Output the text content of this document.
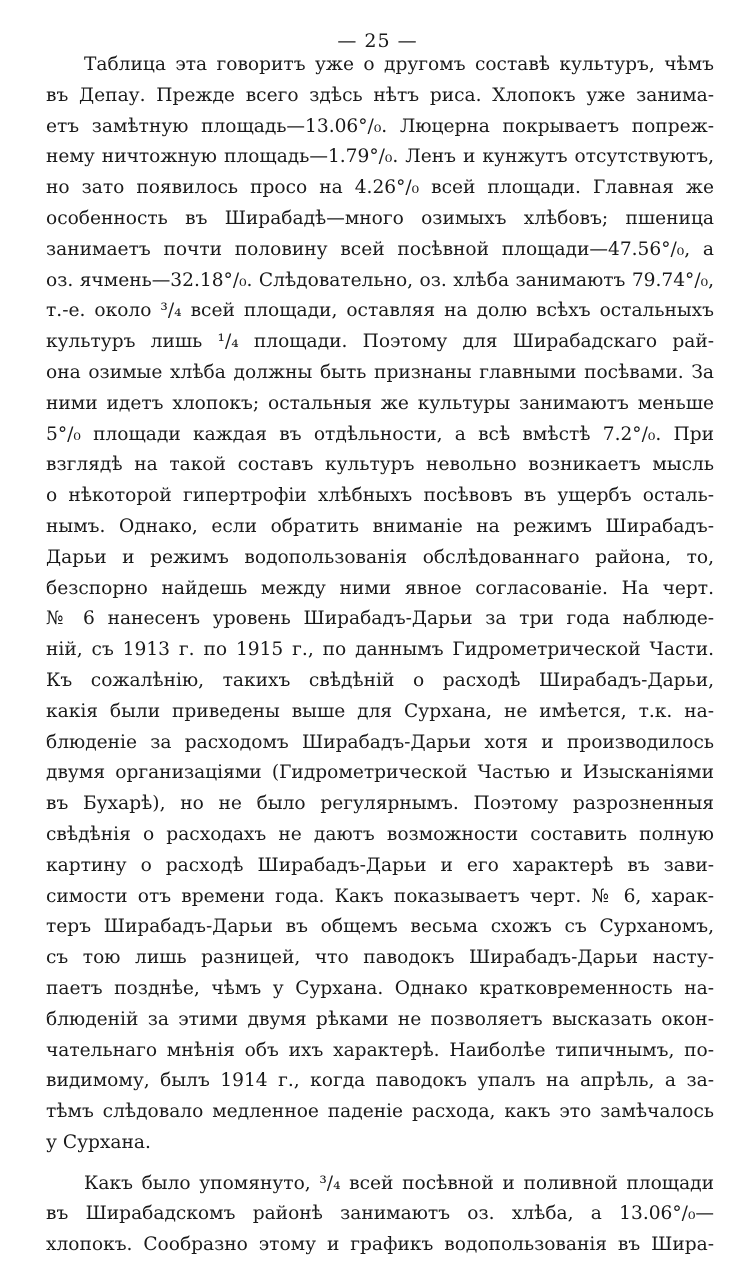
— 25 —
Таблица эта говоритъ уже о другомъ составѣ культуръ, чѣмъ
въ Депау. Прежде всего здѣсь нѣтъ риса. Хлопокъ уже занима-
етъ замѣтную площадь—13.06°/₀. Люцерна покрываетъ попреж-
нему ничтожную площадь—1.79°/₀. Ленъ и кунжутъ отсутствуютъ,
но зато появилось просо на 4.26°/₀ всей площади. Главная же
особенность въ Ширабадѣ—много озимыхъ хлѣбовъ; пшеница
занимаетъ почти половину всей посѣвной площади—47.56°/₀, а
оз. ячмень—32.18°/₀. Слѣдовательно, оз. хлѣба занимаютъ 79.74°/₀,
т.-е. около ³/₄ всей площади, оставляя на долю всѣхъ остальныхъ
культуръ лишь ¹/₄ площади. Поэтому для Ширабадскаго рай-
она озимые хлѣба должны быть признаны главными посѣвами. За
ними идетъ хлопокъ; остальныя же культуры занимаютъ меньше
5°/₀ площади каждая въ отдѣльности, а всѣ вмѣстѣ 7.2°/₀. При
взглядѣ на такой составъ культуръ невольно возникаетъ мысль
о нѣкоторой гипертрофіи хлѣбныхъ посѣвовъ въ ущербъ осталь-
нымъ. Однако, если обратить вниманіе на режимъ Ширабадъ-
Дарьи и режимъ водопользованія обслѣдованнаго района, то,
безспорно найдешь между ними явное согласованіе. На черт.
№ 6 нанесенъ уровень Ширабадъ-Дарьи за три года наблюде-
ній, съ 1913 г. по 1915 г., по даннымъ Гидрометрической Части.
Къ сожалѣнію, такихъ свѣдѣній о расходѣ Ширабадъ-Дарьи,
какія были приведены выше для Сурхана, не имѣется, т.к. на-
блюденіе за расходомъ Ширабадъ-Дарьи хотя и производилось
двумя организаціями (Гидрометрической Частью и Изысканіями
въ Бухарѣ), но не было регулярнымъ. Поэтому разрозненныя
свѣдѣнія о расходахъ не даютъ возможности составить полную
картину о расходѣ Ширабадъ-Дарьи и его характерѣ въ зави-
симости отъ времени года. Какъ показываетъ черт. № 6, харак-
теръ Ширабадъ-Дарьи въ общемъ весьма схожъ съ Сурханомъ,
съ тою лишь разницей, что паводокъ Ширабадъ-Дарьи насту-
паетъ позднѣе, чѣмъ у Сурхана. Однако кратковременность на-
блюденій за этими двумя рѣками не позволяетъ высказать окон-
чательнаго мнѣнія объ ихъ характерѣ. Наиболѣе типичнымъ, по-
видимому, былъ 1914 г., когда паводокъ упалъ на апрѣль, а за-
тѣмъ слѣдовало медленное паденіе расхода, какъ это замѣчалось
у Сурхана.
Какъ было упомянуто, ³/₄ всей посѣвной и поливной площади
въ Ширабадскомъ районѣ занимаютъ оз. хлѣба, а 13.06°/₀—
хлопокъ. Сообразно этому и графикъ водопользованія въ Шира-
